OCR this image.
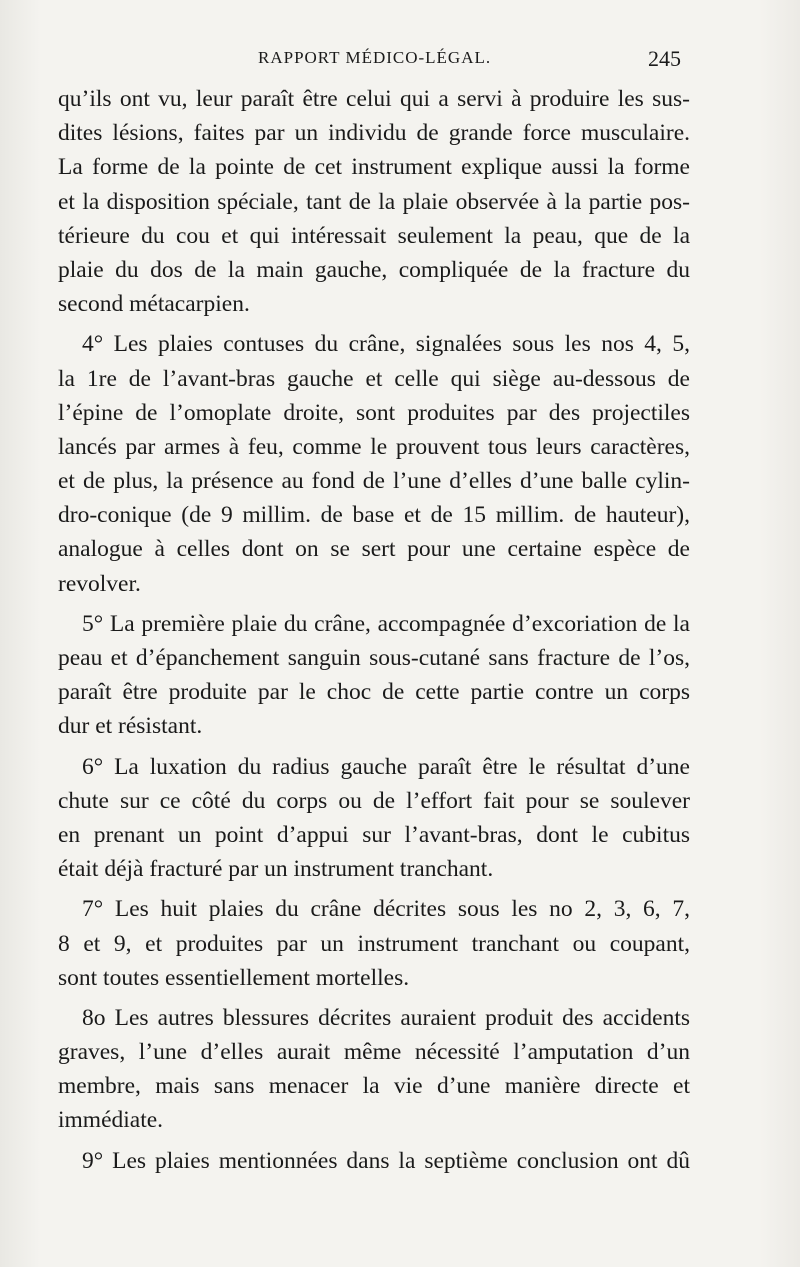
RAPPORT MÉDICO-LÉGAL.	245
qu’ils ont vu, leur paraît être celui qui a servi à produire les sus-
dites lésions, faites par un individu de grande force musculaire.
La forme de la pointe de cet instrument explique aussi la forme
et la disposition spéciale, tant de la plaie observée à la partie pos-
térieure du cou et qui intéressait seulement la peau, que de la
plaie du dos de la main gauche, compliquée de la fracture du
second métacarpien.
4° Les plaies contuses du crâne, signalées sous les nos 4, 5,
la 1re de l’avant-bras gauche et celle qui siège au-dessous de
l’épine de l’omoplate droite, sont produites par des projectiles
lancés par armes à feu, comme le prouvent tous leurs caractères,
et de plus, la présence au fond de l’une d’elles d’une balle cylin-
dro-conique (de 9 millim. de base et de 15 millim. de hauteur),
analogue à celles dont on se sert pour une certaine espèce de
revolver.
5° La première plaie du crâne, accompagnée d’excoriation de la
peau et d’épanchement sanguin sous-cutané sans fracture de l’os,
paraît être produite par le choc de cette partie contre un corps
dur et résistant.
6° La luxation du radius gauche paraît être le résultat d’une
chute sur ce côté du corps ou de l’effort fait pour se soulever
en prenant un point d’appui sur l’avant-bras, dont le cubitus
était déjà fracturé par un instrument tranchant.
7° Les huit plaies du crâne décrites sous les no 2, 3, 6, 7,
8 et 9, et produites par un instrument tranchant ou coupant,
sont toutes essentiellement mortelles.
8o Les autres blessures décrites auraient produit des accidents
graves, l’une d’elles aurait même nécessité l’amputation d’un
membre, mais sans menacer la vie d’une manière directe et
immédiate.
9° Les plaies mentionnées dans la septième conclusion ont dû
